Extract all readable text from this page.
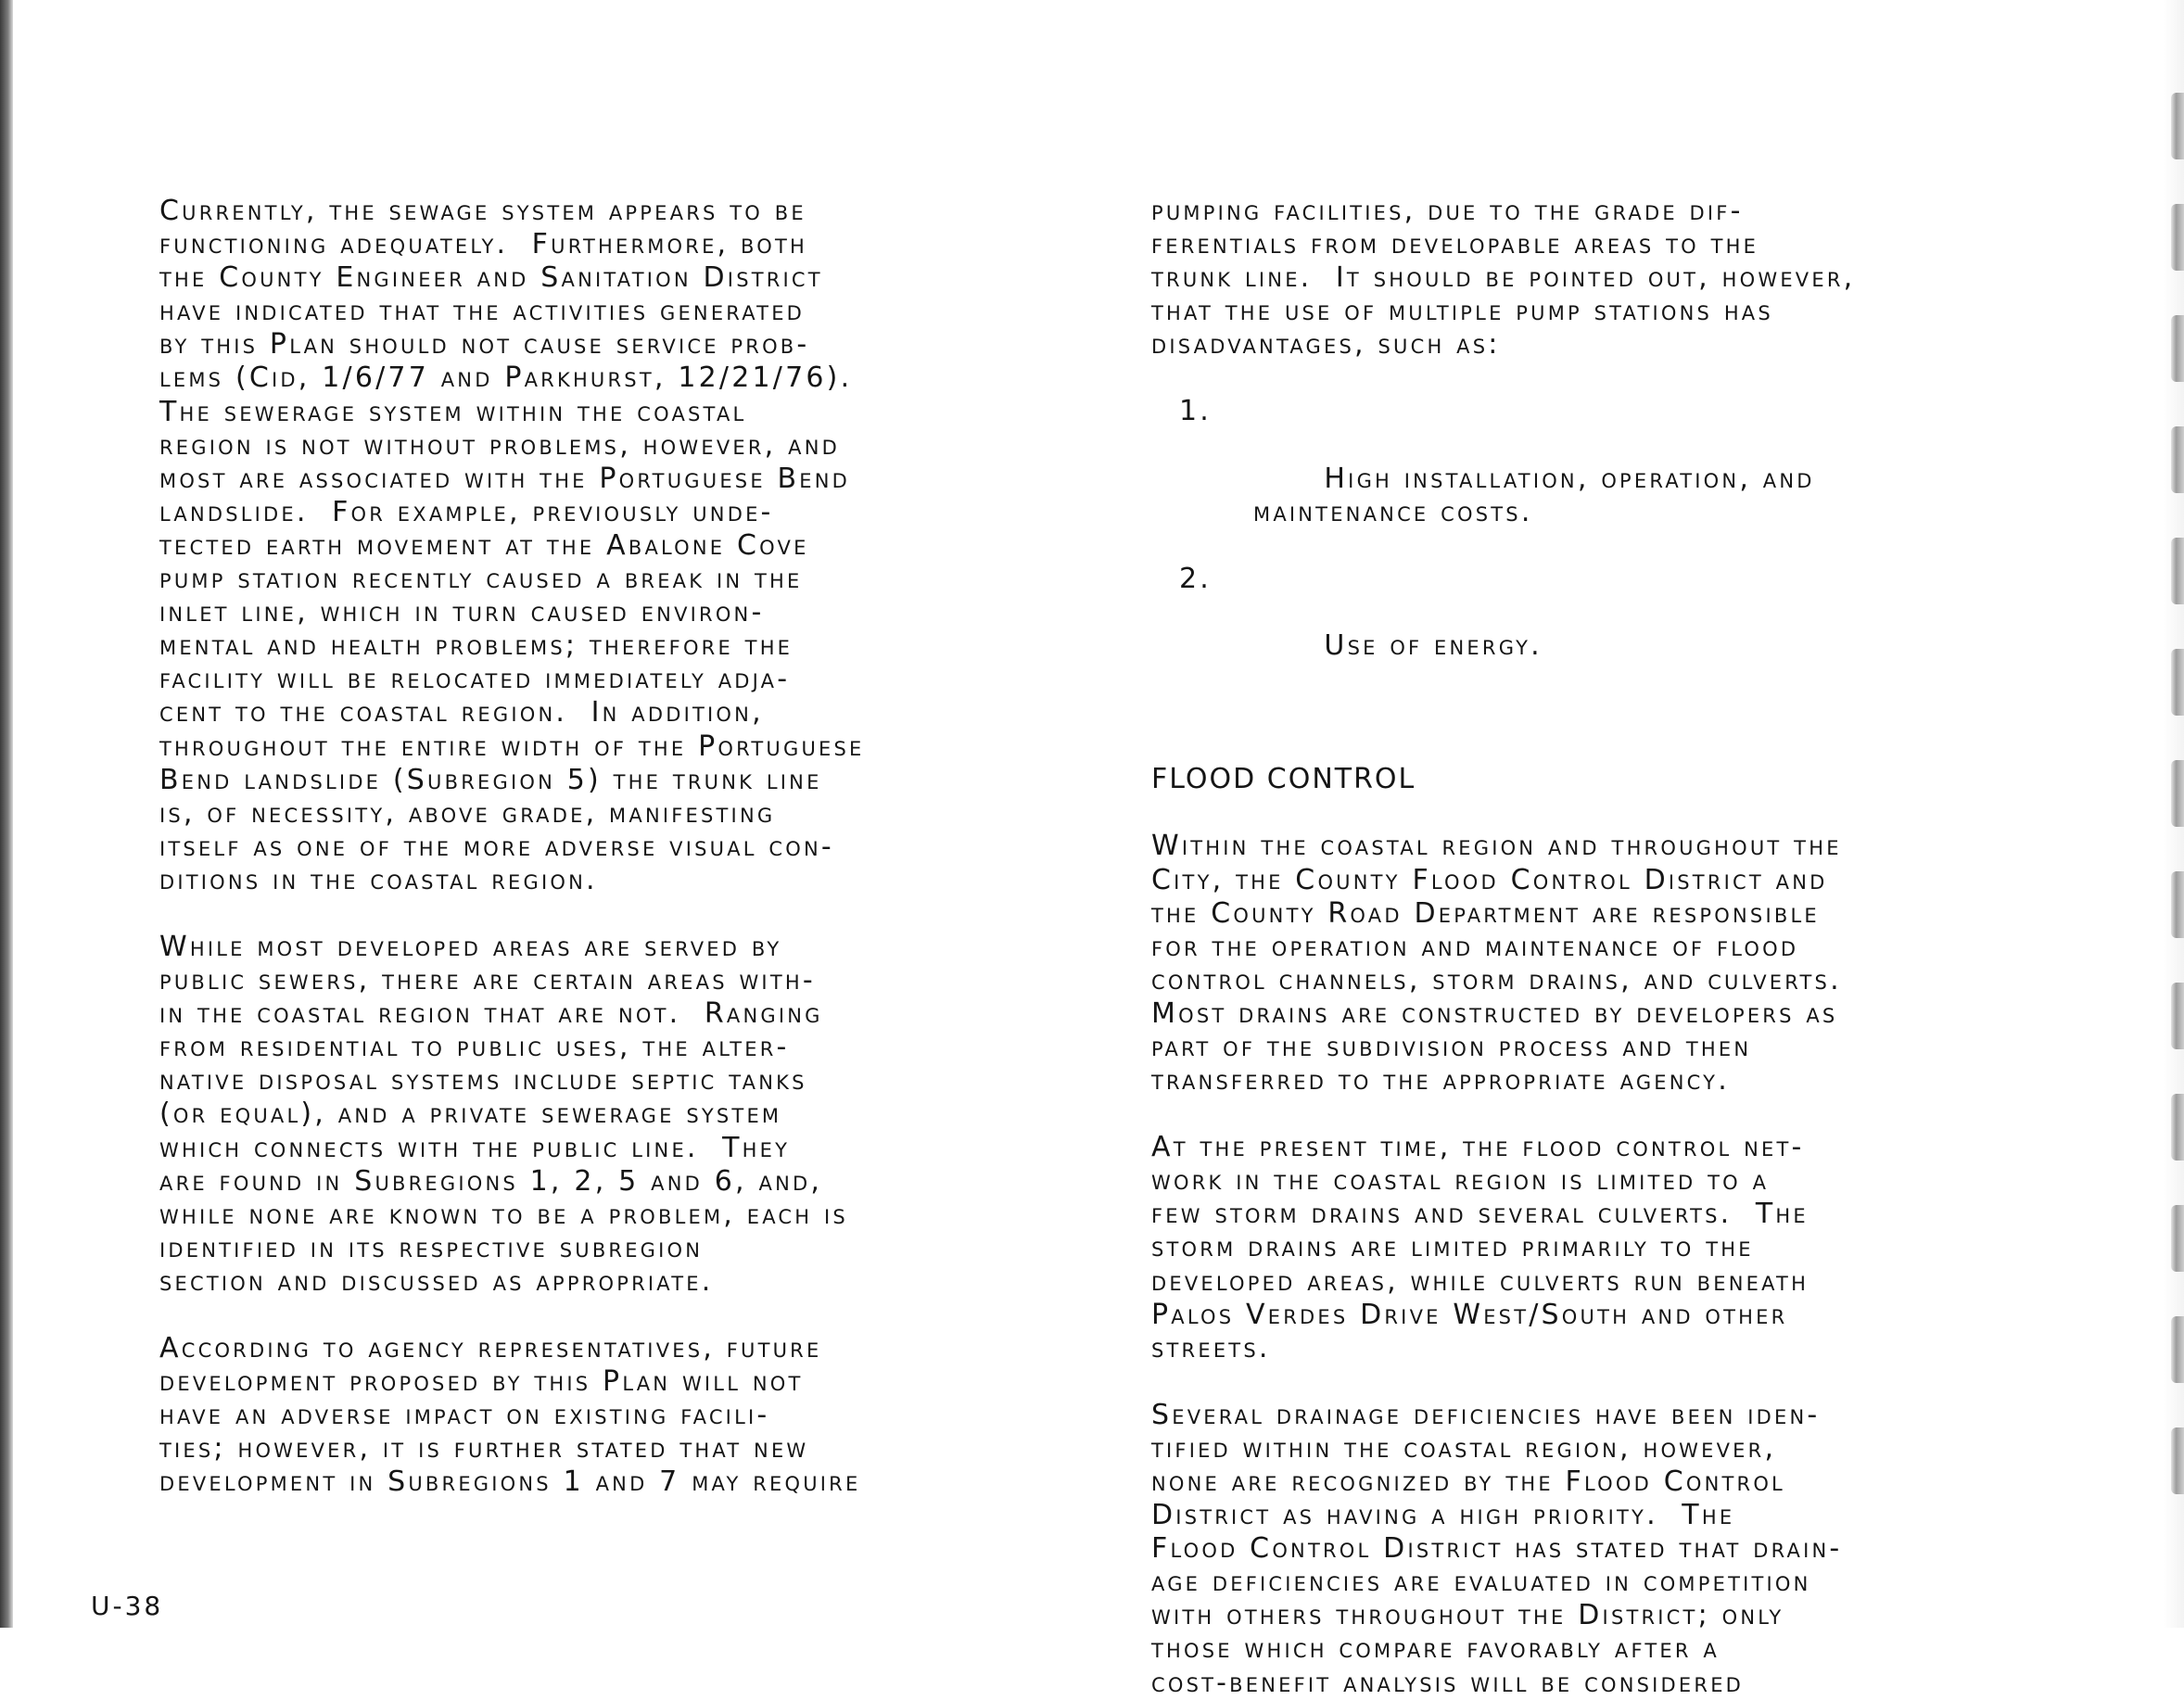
Currently, the sewage system appears to be
functioning adequately.  Furthermore, both
the County Engineer and Sanitation District
have indicated that the activities generated
by this Plan should not cause service prob-
lems (Cid, 1/6/77 and Parkhurst, 12/21/76).
The sewerage system within the coastal
region is not without problems, however, and
most are associated with the Portuguese Bend
landslide.  For example, previously unde-
tected earth movement at the Abalone Cove
pump station recently caused a break in the
inlet line, which in turn caused environ-
mental and health problems; therefore the
facility will be relocated immediately adja-
cent to the coastal region.  In addition,
throughout the entire width of the Portuguese
Bend landslide (Subregion 5) the trunk line
is, of necessity, above grade, manifesting
itself as one of the more adverse visual con-
ditions in the coastal region.

While most developed areas are served by
public sewers, there are certain areas with-
in the coastal region that are not.  Ranging
from residential to public uses, the alter-
native disposal systems include septic tanks
(or equal), and a private sewerage system
which connects with the public line.  They
are found in Subregions 1, 2, 5 and 6, and,
while none are known to be a problem, each is
identified in its respective subregion
section and discussed as appropriate.

According to agency representatives, future
development proposed by this Plan will not
have an adverse impact on existing facili-
ties; however, it is further stated that new
development in Subregions 1 and 7 may require

pumping facilities, due to the grade dif-
ferentials from developable areas to the
trunk line.  It should be pointed out, however,
that the use of multiple pump stations has
disadvantages, such as:

1.

High installation, operation, and
maintenance costs.

2.

Use of energy.

FLOOD CONTROL

Within the coastal region and throughout the
City, the County Flood Control District and
the County Road Department are responsible
for the operation and maintenance of flood
control channels, storm drains, and culverts.
Most drains are constructed by developers as
part of the subdivision process and then
transferred to the appropriate agency.

At the present time, the flood control net-
work in the coastal region is limited to a
few storm drains and several culverts.  The
storm drains are limited primarily to the
developed areas, while culverts run beneath
Palos Verdes Drive West/South and other
streets.

Several drainage deficiencies have been iden-
tified within the coastal region, however,
none are recognized by the Flood Control
District as having a high priority.  The
Flood Control District has stated that drain-
age deficiencies are evaluated in competition
with others throughout the District; only
those which compare favorably after a
cost-benefit analysis will be considered

U-38
